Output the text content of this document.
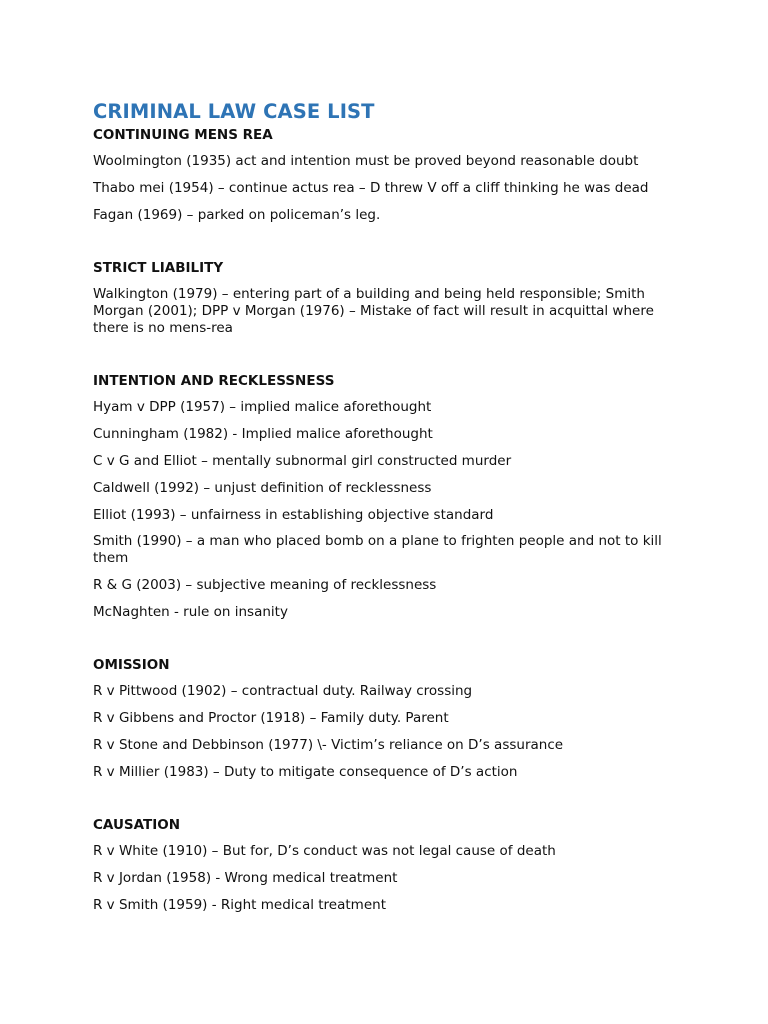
CRIMINAL LAW CASE LIST
CONTINUING MENS REA
Woolmington (1935) act and intention must be proved beyond reasonable doubt
Thabo mei (1954) – continue actus rea – D threw V off a cliff thinking he was dead
Fagan (1969) – parked on policeman’s leg.
STRICT LIABILITY
Walkington (1979) – entering part of a building and being held responsible; Smith Morgan (2001); DPP v Morgan (1976) – Mistake of fact will result in acquittal where there is no mens-rea
INTENTION AND RECKLESSNESS
Hyam v DPP (1957) – implied malice aforethought
Cunningham (1982) - Implied malice aforethought
C v G and Elliot – mentally subnormal girl constructed murder
Caldwell (1992) – unjust definition of recklessness
Elliot (1993) – unfairness in establishing objective standard
Smith (1990) – a man who placed bomb on a plane to frighten people and not to kill them
R & G (2003) – subjective meaning of recklessness
McNaghten - rule on insanity
OMISSION
R v Pittwood (1902) – contractual duty. Railway crossing
R v Gibbens and Proctor (1918) – Family duty. Parent
R v Stone and Debbinson (1977) \- Victim’s reliance on D’s assurance
R v Millier (1983) – Duty to mitigate consequence of D’s action
CAUSATION
R v White (1910) – But for, D’s conduct was not legal cause of death
R v Jordan (1958) - Wrong medical treatment
R v Smith (1959) - Right medical treatment
